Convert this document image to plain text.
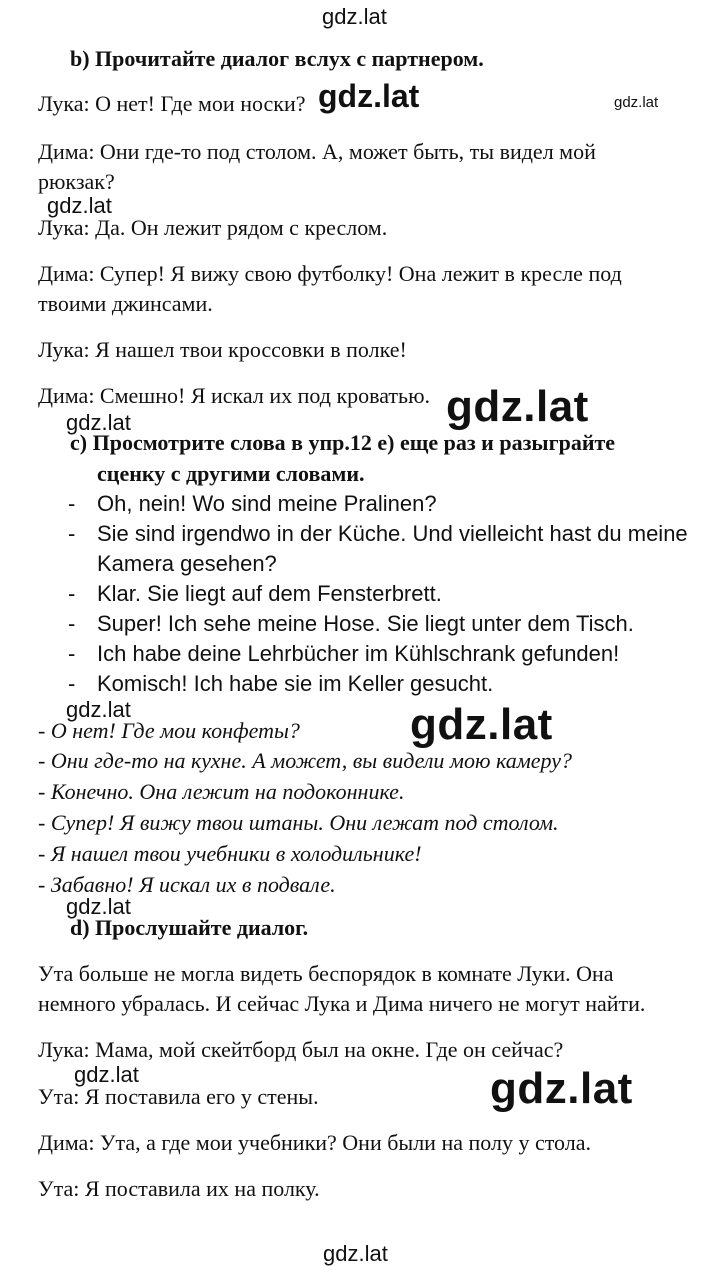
gdz.lat
b) Прочитайте диалог вслух с партнером.
Лука: О нет! Где мои носки? gdz.lat	gdz.lat
Дима: Они где-то под столом. А, может быть, ты видел мой
рюкзак?
gdz.lat
Лука: Да. Он лежит рядом с креслом.
Дима: Супер! Я вижу свою футболку! Она лежит в кресле под
твоими джинсами.
Лука: Я нашел твои кроссовки в полке!
Дима: Смешно! Я искал их под кроватью. gdz.lat
gdz.lat
c) Просмотрите слова в упр.12 е) еще раз и разыграйте
сценку с другими словами.
- Oh, nein! Wo sind meine Pralinen?
- Sie sind irgendwo in der Küche. Und vielleicht hast du meine
Kamera gesehen?
- Klar. Sie liegt auf dem Fensterbrett.
- Super! Ich sehe meine Hose. Sie liegt unter dem Tisch.
- Ich habe deine Lehrbücher im Kühlschrank gefunden!
- Komisch! Ich habe sie im Keller gesucht.
gdz.lat	gdz.lat
- О нет! Где мои конфеты?
- Они где-то на кухне. А может, вы видели мою камеру?
- Конечно. Она лежит на подоконнике.
- Супер! Я вижу твои штаны. Они лежат под столом.
- Я нашел твои учебники в холодильнике!
- Забавно! Я искал их в подвале.
gdz.lat
d) Прослушайте диалог.
Ута больше не могла видеть беспорядок в комнате Луки. Она
немного убралась. И сейчас Лука и Дима ничего не могут найти.
Лука: Мама, мой скейтборд был на окне. Где он сейчас?
gdz.lat	gdz.lat
Ута: Я поставила его у стены.
Дима: Ута, а где мои учебники? Они были на полу у стола.
Ута: Я поставила их на полку.
gdz.lat
